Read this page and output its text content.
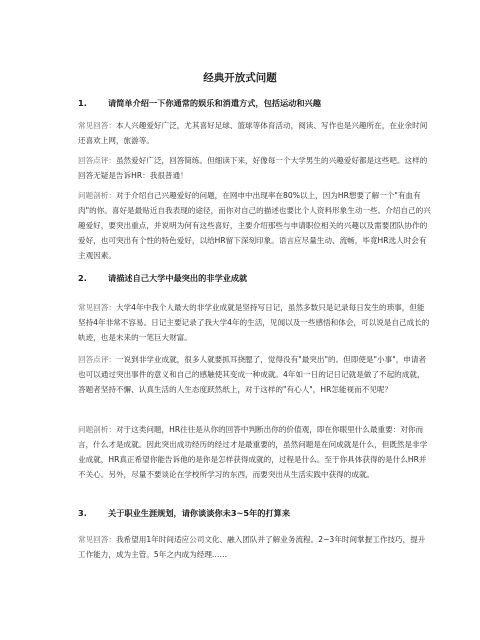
经典开放式问题
1.	请简单介绍一下你通常的娱乐和消遣方式，包括运动和兴趣
常见回答：本人兴趣爱好广泛，尤其喜好足球、篮球等体育活动，阅读、写作也是兴趣所在，在业余时间还喜欢上网，旅游等。
回答点评：虽然爱好广泛，回答简练。但细读下来，好像每一个大学男生的兴趣爱好都是这些吧。这样的回答无疑是告诉HR：我很普通！
问题剖析：对于介绍自己兴趣爱好的问题，在网申中出现率在80%以上，因为HR想要了解一个"有血有肉"的你。喜好是最贴近自我表现的途径，而你对自己的描述也要比个人资料形象生动一些。介绍自己的兴趣爱好，要突出重点，并说明为何有这些喜好，主要介绍那些与申请职位相关的兴趣以及需要团队协作的爱好，也可突出有个性的特色爱好，以给HR留下深刻印象。语言应尽量生动、流畅，毕竟HR选人时会有主观因素。
2.	请描述自己大学中最突出的非学业成就
常见回答：大学4年中我个人最大的非学业成就是坚持写日记，虽然多数只是记录每日发生的琐事，但能坚持4年非常不容易。日记主要记录了我大学4年的生活，见闻以及一些感悟和体会，可以说是自己成长的轨迹，也是未来的一笔巨大财富。
回答点评：一说到非学业成就，很多人就要抓耳挠腮了，觉得没有"最突出"的。但即使是"小事"，申请者也可以通过突出事件的意义和自己的感触使其变成一种成就。4年如一日的记日记就是做了不起的成就，答题者坚持不懈、认真生活的人生态度跃然纸上，对于这样的"有心人"，HR怎能视而不见呢？
问题剖析：对于这类问题，HR往往是从你的回答中判断出你的价值观，即在你眼里什么最重要：对你而言，什么才是成就。因此突出成功经历的经过才是最重要的，虽然问题是在问成就是什么，但既然是非学业成就，HR真正希望你能告诉他的是你是怎样获得成就的，过程是什么。至于你具体获得的是什么HR并不关心。另外，尽量不要谈论在学校所学习的东西，而要突出从生活实践中获得的成就。
3.	关于职业生涯规划，请你谈谈你未3~5年的打算来
常见回答：我希望用1年时间适应公司文化、融入团队并了解业务流程。2~3年时间掌握工作技巧，提升工作能力，成为主管。5年之内成为经理……
